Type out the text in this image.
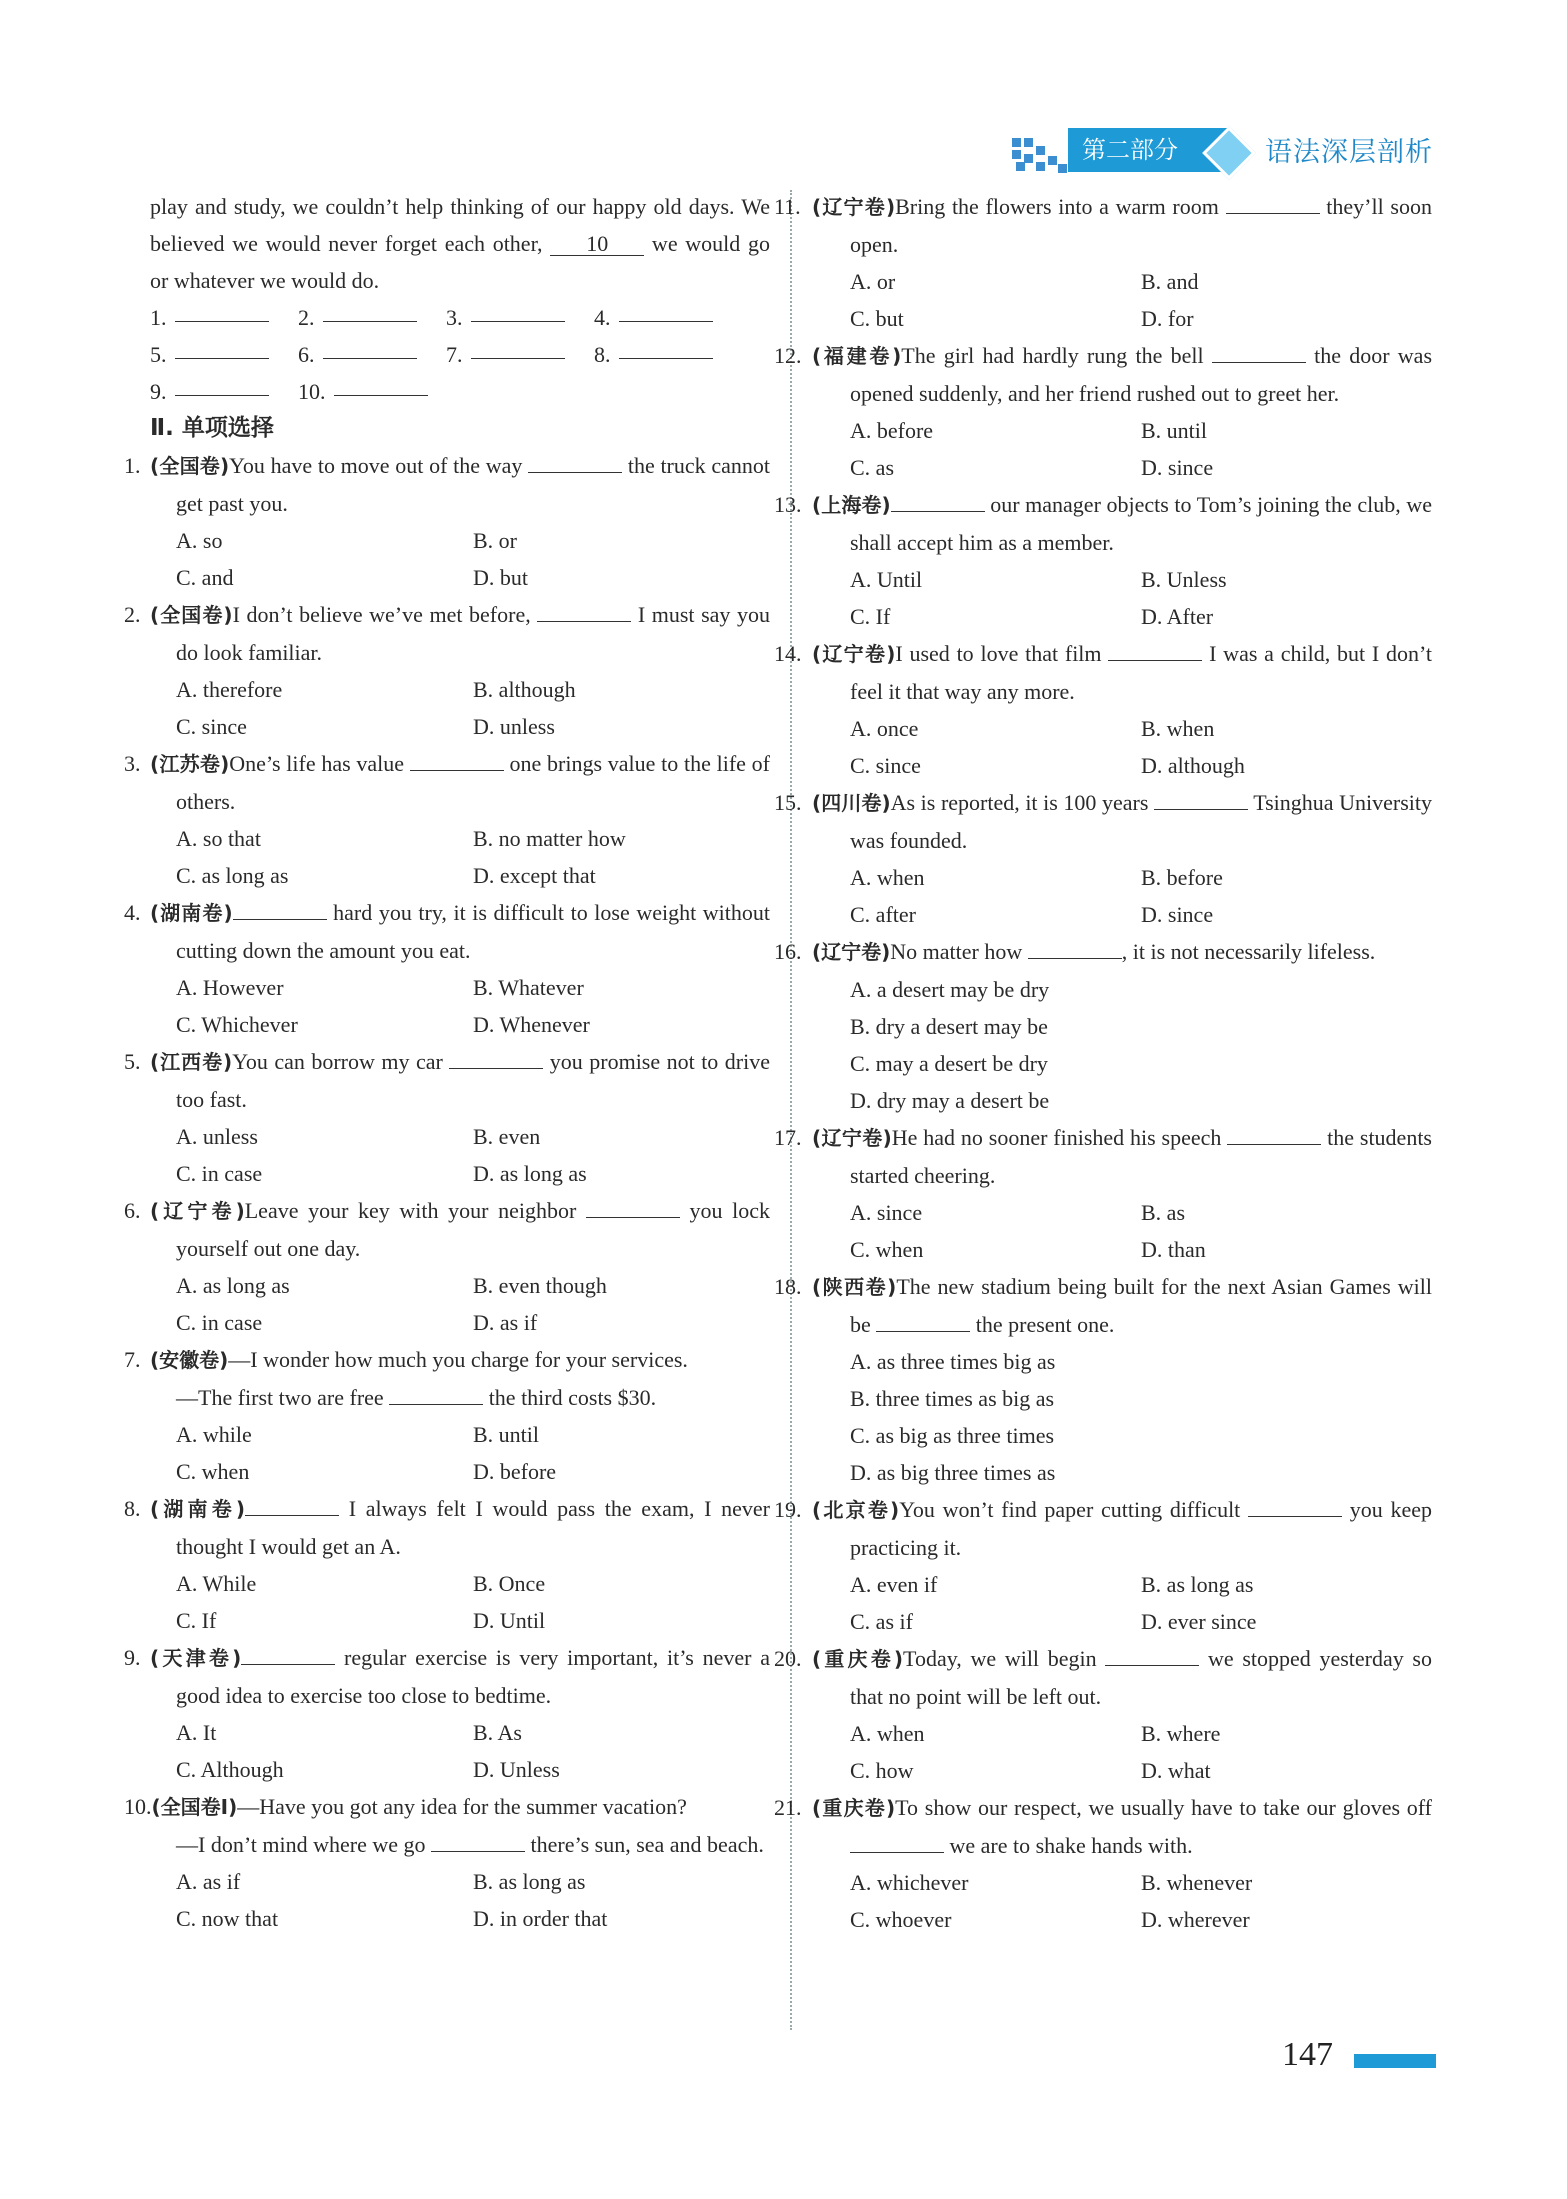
第二部分	语法深层剖析
play and study, we couldn’t help thinking of our happy old days. We believed we would never forget each other, 10 we would go or whatever we would do.
1.	2.	3.	4.
5.	6.	7.	8.
9.	10.
Ⅱ. 单项选择
1. (全国卷)You have to move out of the way	the truck cannot get past you.
A. so	B. or
C. and	D. but
2. (全国卷)I don’t believe we’ve met before,	I must say you do look familiar.
A. therefore	B. although
C. since	D. unless
3. (江苏卷)One’s life has value	one brings value to the life of others.
A. so that	B. no matter how
C. as long as	D. except that
4. (湖南卷)	hard you try, it is difficult to lose weight without cutting down the amount you eat.
A. However	B. Whatever
C. Whichever	D. Whenever
5. (江西卷)You can borrow my car	you promise not to drive too fast.
A. unless	B. even
C. in case	D. as long as
6. (辽宁卷)Leave your key with your neighbor	you lock yourself out one day.
A. as long as	B. even though
C. in case	D. as if
7. (安徽卷)—I wonder how much you charge for your services.
—The first two are free	the third costs $30.
A. while	B. until
C. when	D. before
8. (湖南卷)	I always felt I would pass the exam, I never thought I would get an A.
A. While	B. Once
C. If	D. Until
9. (天津卷)	regular exercise is very important, it’s never a good idea to exercise too close to bedtime.
A. It	B. As
C. Although	D. Unless
10.(全国卷Ⅰ)—Have you got any idea for the summer vacation?
—I don’t mind where we go	there’s sun, sea and beach.
A. as if	B. as long as
C. now that	D. in order that
11. (辽宁卷)Bring the flowers into a warm room	they’ll soon open.
A. or	B. and
C. but	D. for
12. (福建卷)The girl had hardly rung the bell	the door was opened suddenly, and her friend rushed out to greet her.
A. before	B. until
C. as	D. since
13. (上海卷)	our manager objects to Tom’s joining the club, we shall accept him as a member.
A. Until	B. Unless
C. If	D. After
14. (辽宁卷)I used to love that film	I was a child, but I don’t feel it that way any more.
A. once	B. when
C. since	D. although
15. (四川卷)As is reported, it is 100 years	Tsinghua University was founded.
A. when	B. before
C. after	D. since
16. (辽宁卷)No matter how	, it is not necessarily lifeless.
A. a desert may be dry
B. dry a desert may be
C. may a desert be dry
D. dry may a desert be
17. (辽宁卷)He had no sooner finished his speech	the students started cheering.
A. since	B. as
C. when	D. than
18. (陕西卷)The new stadium being built for the next Asian Games will be	the present one.
A. as three times big as
B. three times as big as
C. as big as three times
D. as big three times as
19. (北京卷)You won’t find paper cutting difficult	you keep practicing it.
A. even if	B. as long as
C. as if	D. ever since
20. (重庆卷)Today, we will begin	we stopped yesterday so that no point will be left out.
A. when	B. where
C. how	D. what
21. (重庆卷)To show our respect, we usually have to take our gloves off  we are to shake hands with.
A. whichever	B. whenever
C. whoever	D. wherever
147
